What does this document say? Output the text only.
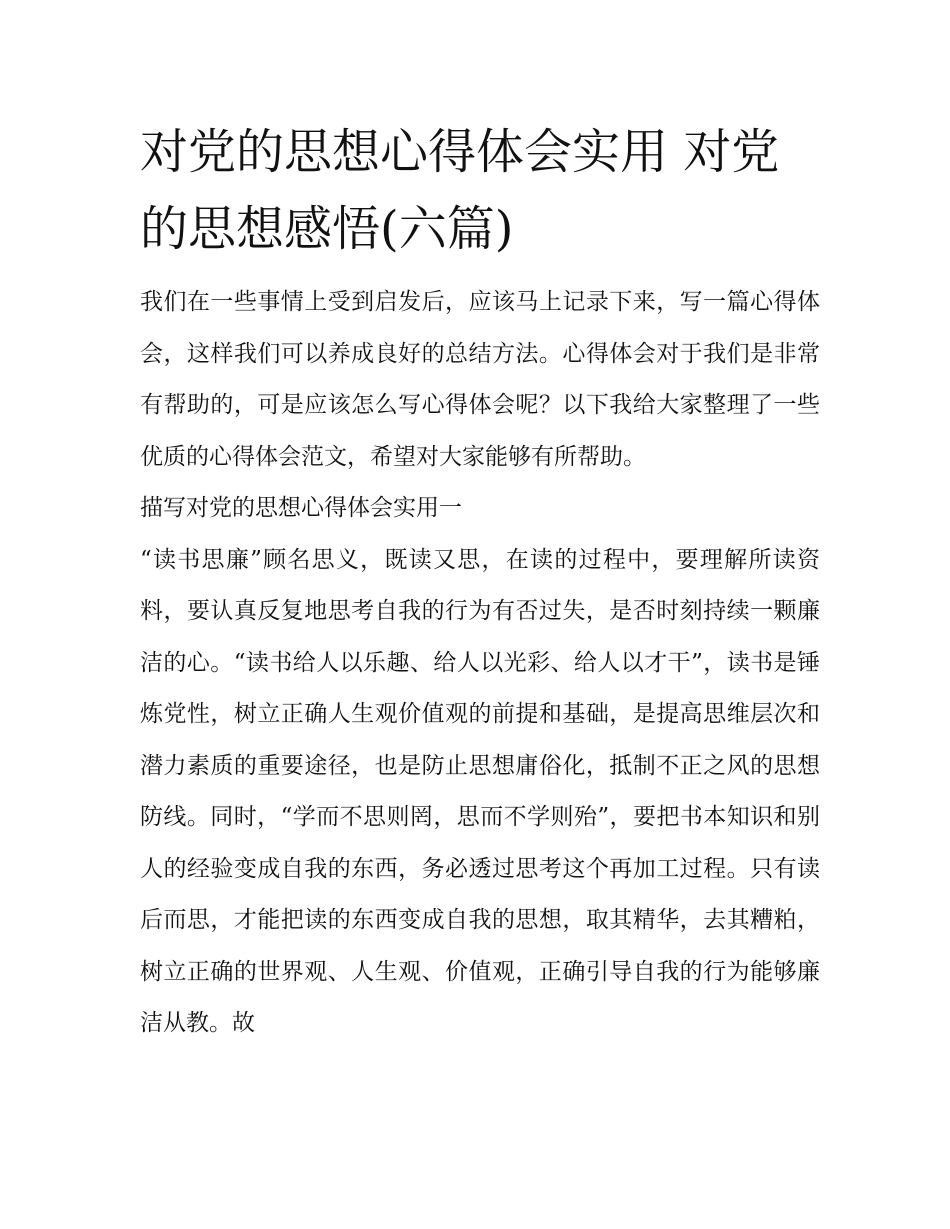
对党的思想心得体会实用 对党的思想感悟(六篇)

我们在一些事情上受到启发后，应该马上记录下来，写一篇心得体会，这样我们可以养成良好的总结方法。心得体会对于我们是非常有帮助的，可是应该怎么写心得体会呢？以下我给大家整理了一些优质的心得体会范文，希望对大家能够有所帮助。

描写对党的思想心得体会实用一

“读书思廉”顾名思义，既读又思，在读的过程中，要理解所读资料，要认真反复地思考自我的行为有否过失，是否时刻持续一颗廉洁的心。“读书给人以乐趣、给人以光彩、给人以才干”，读书是锤炼党性，树立正确人生观价值观的前提和基础，是提高思维层次和潜力素质的重要途径，也是防止思想庸俗化，抵制不正之风的思想防线。同时，“学而不思则罔，思而不学则殆”，要把书本知识和别人的经验变成自我的东西，务必透过思考这个再加工过程。只有读后而思，才能把读的东西变成自我的思想，取其精华，去其糟粕，树立正确的世界观、人生观、价值观，正确引导自我的行为能够廉洁从教。故
